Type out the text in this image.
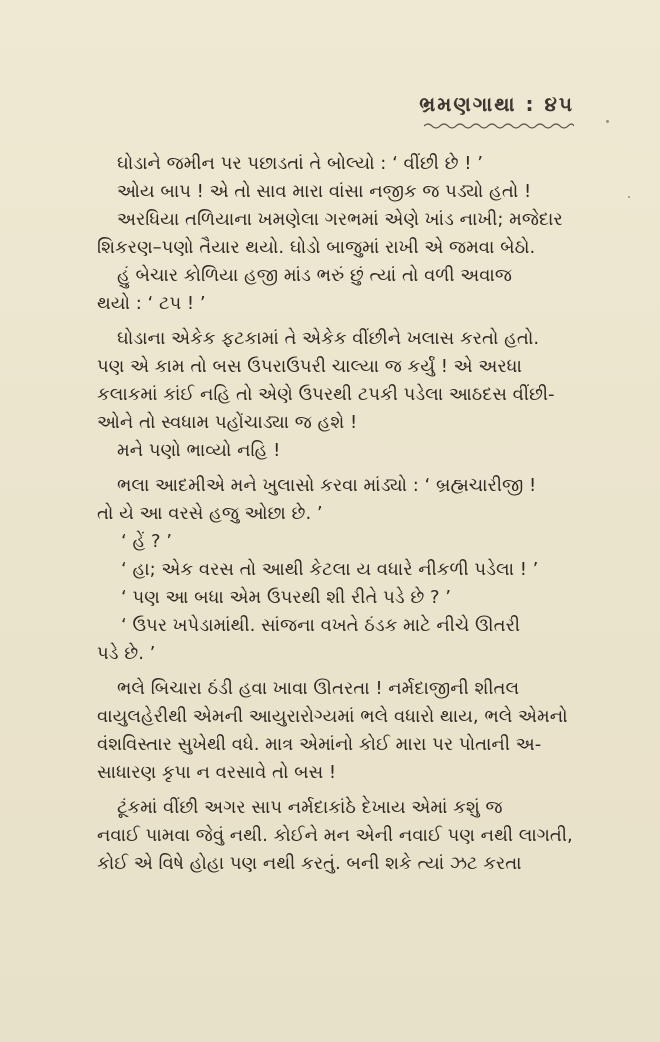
ભ્રમણગાથા : ૪૫
ઘોડાને જમીન પર પછાડતાં તે બોલ્યો : ‘ વીંછી છે ! ’
ઓય બાપ ! એ તો સાવ મારા વાંસા નજીક જ પડ્યો હતો !
અરધિયા તળિયાના ખમણેલા ગરભમાં એણે ખાંડ નાખી; મજેદાર
શિકરણ–પણો તૈયાર થયો. ઘોડો બાજુમાં રાખી એ જમવા બેઠો.
હું બેચાર કોળિયા હજી માંડ ભરું છું ત્યાં તો વળી અવાજ
થયો : ‘ ટપ ! ’
ઘોડાના એકેક ફટકામાં તે એકેક વીંછીને ખલાસ કરતો હતો.
પણ એ કામ તો બસ ઉપરાઉપરી ચાલ્યા જ કર્યું ! એ અરધા
કલાકમાં કાંઈ નહિ તો એણે ઉપરથી ટપકી પડેલા આઠદસ વીંછી-
ઓને તો સ્વધામ પહોંચાડ્યા જ હશે !
મને પણો ભાવ્યો નહિ !
ભલા આદમીએ મને ખુલાસો કરવા માંડ્યો : ‘ બ્રહ્મચારીજી !
તો યે આ વરસે હજુ ઓછા છે. ’
‘ હેં ? ’
‘ હા; એક વરસ તો આથી કેટલા ય વધારે નીકળી પડેલા ! ’
‘ પણ આ બધા એમ ઉપરથી શી રીતે પડે છે ? ’
‘ ઉપર ખપેડામાંથી. સાંજના વખતે ઠંડક માટે નીચે ઊતરી
પડે છે. ’
ભલે બિચારા ઠંડી હવા ખાવા ઊતરતા ! નર્મદાજીની શીતલ
વાયુલહેરીથી એમની આયુરારોગ્યમાં ભલે વધારો થાય, ભલે એમનો
વંશવિસ્તાર સુખેથી વધે. માત્ર એમાંનો કોઈ મારા પર પોતાની અ-
સાધારણ કૃપા ન વરસાવે તો બસ !
ટૂંકમાં વીંછી અગર સાપ નર્મદાકાંઠે દેખાય એમાં કશું જ
નવાઈ પામવા જેવું નથી. કોઈને મન એની નવાઈ પણ નથી લાગતી,
કોઈ એ વિષે હોહા પણ નથી કરતું. બની શકે ત્યાં ઝટ કરતા
